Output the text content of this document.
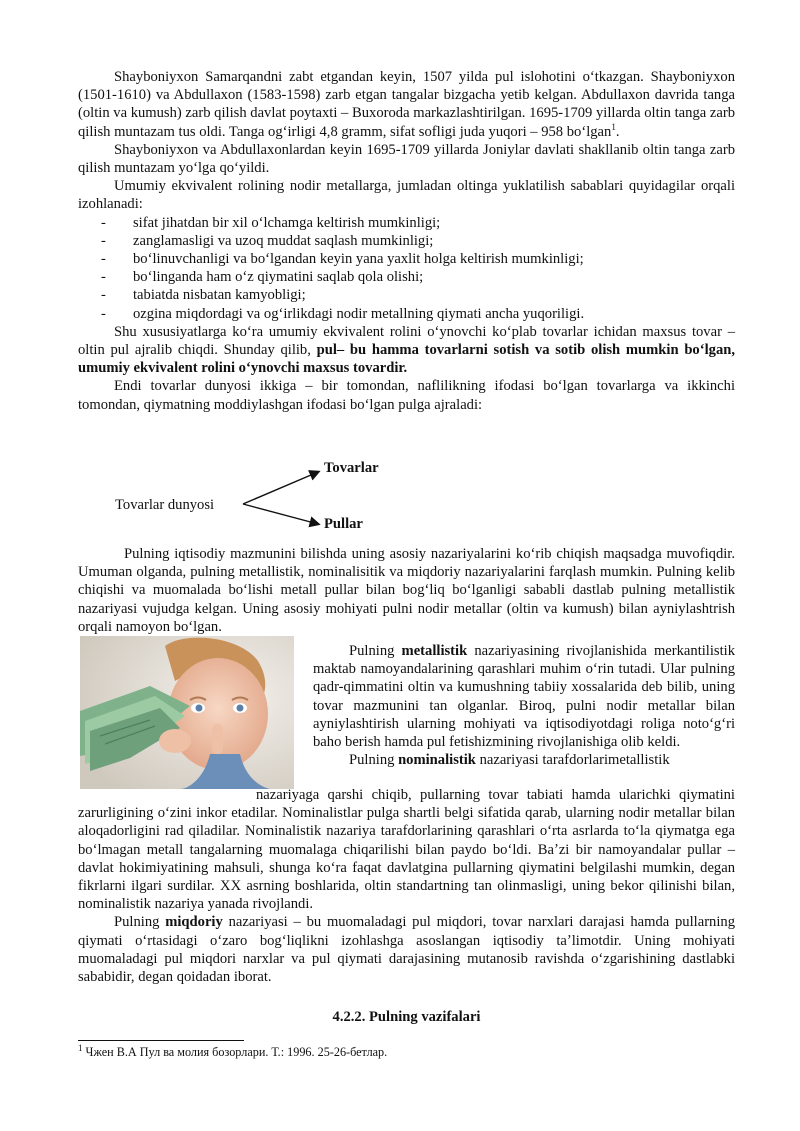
Shayboniyxon Samarqandni zabt etgandan keyin, 1507 yilda pul islohotini oʻtkazgan. Shayboniyxon (1501-1610) va Abdullaxon (1583-1598) zarb etgan tangalar bizgacha yetib kelgan. Abdullaxon davrida tanga (oltin va kumush) zarb qilish davlat poytaxti – Buxoroda markazlashtirilgan. 1695-1709 yillarda oltin tanga zarb qilish muntazam tus oldi. Tanga ogʻirligi 4,8 gramm, sifat sofligi juda yuqori – 958 boʻlgan$^1$.

Shayboniyxon va Abdullaxonlardan keyin 1695-1709 yillarda Joniylar davlati shakllanib oltin tanga zarb qilish muntazam yoʻlga qoʻyildi.

Umumiy ekvivalent rolining nodir metallarga, jumladan oltinga yuklatilish sabablari quyidagilar orqali izohlanadi:

- sifat jihatdan bir xil oʻlchamga keltirish mumkinligi;
- zanglamasligi va uzoq muddat saqlash mumkinligi;
- boʻlinuvchanligi va boʻlgandan keyin yana yaxlit holga keltirish mumkinligi;
- boʻlinganda ham oʻz qiymatini saqlab qola olishi;
- tabiatda nisbatan kamyobligi;
- ozgina miqdordagi va ogʻirlikdagi nodir metallning qiymati ancha yuqoriligi.

Shu xususiyatlarga koʻra umumiy ekvivalent rolini oʻynovchi koʻplab tovarlar ichidan maxsus tovar – oltin pul ajralib chiqdi. Shunday qilib, pul– bu hamma tovarlarni sotish va sotib olish mumkin boʻlgan, umumiy ekvivalent rolini oʻynovchi maxsus tovardir.

Endi tovarlar dunyosi ikkiga – bir tomondan, naflilikning ifodasi boʻlgan tovarlarga va ikkinchi tomondan, qiymatning moddiylashgan ifodasi boʻlgan pulga ajraladi:

Tovarlar dunyosi
Tovarlar
Pullar

Pulning iqtisodiy mazmunini bilishda uning asosiy nazariyalarini koʻrib chiqish maqsadga muvofiqdir. Umuman olganda, pulning metallistik, nominalisitik va miqdoriy nazariyalarini farqlash mumkin. Pulning kelib chiqishi va muomalada boʻlishi metall pullar bilan bogʻliq boʻlganligi sababli dastlab pulning metallistik nazariyasi vujudga kelgan. Uning asosiy mohiyati pulni nodir metallar (oltin va kumush) bilan ayniylashtrish orqali namoyon boʻlgan.

Pulning metallistik nazariyasining rivojlanishida merkantilistik maktab namoyandalarining qarashlari muhim oʻrin tutadi. Ular pulning qadr-qimmatini oltin va kumushning tabiiy xossalarida deb bilib, uning tovar mazmunini tan olganlar. Biroq, pulni nodir metallar bilan ayniylashtirish ularning mohiyati va iqtisodiyotdagi roliga notoʻgʻri baho berish hamda pul fetishizmining rivojlanishiga olib keldi.

Pulning nominalistik nazariyasi tarafdorlarimetallistik

nazariyaga qarshi chiqib, pullarning tovar tabiati hamda ularichki qiymatini zarurligining oʻzini inkor etadilar. Nominalistlar pulga shartli belgi sifatida qarab, ularning nodir metallar bilan aloqadorligini rad qiladilar. Nominalistik nazariya tarafdorlarining qarashlari oʻrta asrlarda toʻla qiymatga ega boʻlmagan metall tangalarning muomalaga chiqarilishi bilan paydo boʻldi. Baʼzi bir namoyandalar pullar – davlat hokimiyatining mahsuli, shunga koʻra faqat davlatgina pullarning qiymatini belgilashi mumkin, degan fikrlarni ilgari surdilar. XX asrning boshlarida, oltin standartning tan olinmasligi, uning bekor qilinishi bilan, nominalistik nazariya yanada rivojlandi.

Pulning miqdoriy nazariyasi – bu muomaladagi pul miqdori, tovar narxlari darajasi hamda pullarning qiymati oʻrtasidagi oʻzaro bogʻliqlikni izohlashga asoslangan iqtisodiy taʼlimotdir. Uning mohiyati muomaladagi pul miqdori narxlar va pul qiymati darajasining mutanosib ravishda oʻzgarishining dastlabki sababidir, degan qoidadan iborat.

4.2.2. Pulning vazifalari
$^1$ Чжен В.А Пул ва молия бозорлари. Т.: 1996. 25-26-бетлар.
